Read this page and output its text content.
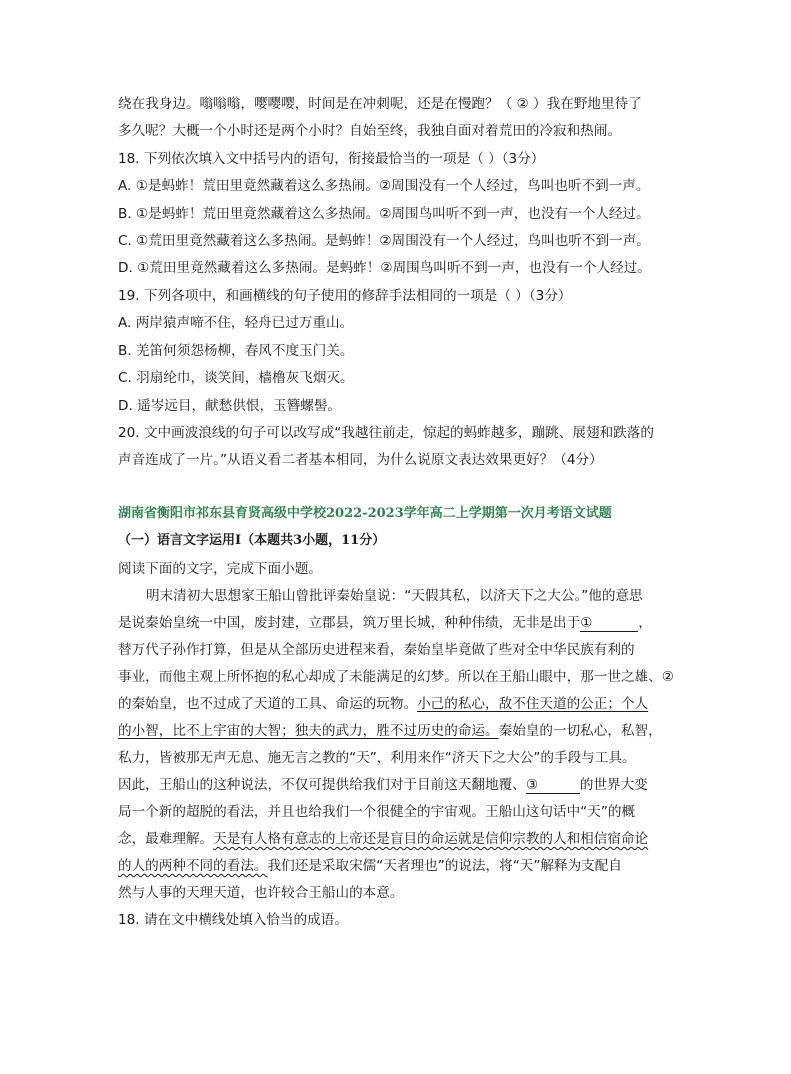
绕在我身边。嗡嗡嗡，嘤嘤嘤，时间是在冲刺呢，还是在慢跑？（ ② ）我在野地里待了
多久呢？大概一个小时还是两个小时？自始至终，我独自面对着荒田的冷寂和热闹。
18. 下列依次填入文中括号内的语句，衔接最恰当的一项是（ ）（3分）
A. ①是蚂蚱！荒田里竟然藏着这么多热闹。②周围没有一个人经过，鸟叫也听不到一声。
B. ①是蚂蚱！荒田里竟然藏着这么多热闹。②周围鸟叫听不到一声，也没有一个人经过。
C. ①荒田里竟然藏着这么多热闹。是蚂蚱！②周围没有一个人经过，鸟叫也听不到一声。
D. ①荒田里竟然藏着这么多热闹。是蚂蚱！②周围鸟叫听不到一声，也没有一个人经过。
19. 下列各项中，和画横线的句子使用的修辞手法相同的一项是（ ）（3分）
A. 两岸猿声啼不住，轻舟已过万重山。
B. 羌笛何须怨杨柳，春风不度玉门关。
C. 羽扇纶巾，谈笑间，樯橹灰飞烟灭。
D. 遥岑远目，献愁供恨，玉簪螺髻。
20. 文中画波浪线的句子可以改写成“我越往前走，惊起的蚂蚱越多，蹦跳、展翅和跌落的
声音连成了一片。”从语义看二者基本相同，为什么说原文表达效果更好？（4分）
湖南省衡阳市祁东县育贤高级中学校2022-2023学年高二上学期第一次月考语文试题
（一）语言文字运用Ⅰ（本题共3小题，11分）
阅读下面的文字，完成下面小题。
明末清初大思想家王船山曾批评秦始皇说：“天假其私，以济天下之大公。”他的意思
是说秦始皇统一中国，废封建，立郡县，筑万里长城，种种伟绩，无非是出于①	，
替万代子孙作打算，但是从全部历史进程来看，秦始皇毕竟做了些对全中华民族有利的
事业，而他主观上所怀抱的私心却成了未能满足的幻梦。所以在王船山眼中，那一世之雄、②
的秦始皇，也不过成了天道的工具、命运的玩物。小己的私心，敌不住天道的公正；个人
的小智，比不上宇宙的大智；独夫的武力，胜不过历史的命运。秦始皇的一切私心，私智，
私力，皆被那无声无息、施无言之教的“天”，利用来作“济天下之大公”的手段与工具。
因此，王船山的这种说法，不仅可提供给我们对于目前这天翻地覆、③	的世界大变
局一个新的超脱的看法，并且也给我们一个很健全的宇宙观。王船山这句话中“天”的概
念，最难理解。天是有人格有意志的上帝还是盲目的命运就是信仰宗教的人和相信宿命论
的人的两种不同的看法。我们还是采取宋儒“天者理也”的说法，将“天”解释为支配自
然与人事的天理天道，也许较合王船山的本意。
18. 请在文中横线处填入恰当的成语。
